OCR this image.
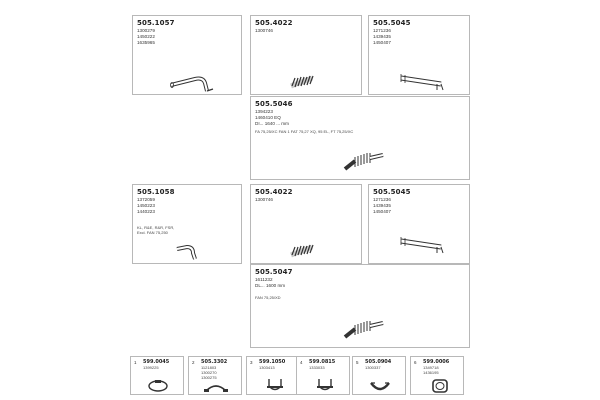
505.1057
1300279
1450222
1635965
505.4022
1300746
505.5045
1271236
1439435
1450407
505.5046
1394223
1460410 EQ
DI... 1640 ... mm
FA 75,25/XC FAN 1 FAT 75,27 XQ, 95 EL, FT 75,25/XC
505.1058
1372059
1450223
1440223
KL, R&E, R&R, FSR,
Excl. FAN 75,250
505.4022
1300746
505.5045
1271236
1439435
1450407
505.5047
1611232
DL... 1600 mm
FAN 75,25/XD
1 599.0045
1399225
2 505.3302
1121803
1300270
1300275
3 599.1050
1303413
4 599.0815
1333033
5 505.0904
1300337
6 599.0006
1349718
1436195
